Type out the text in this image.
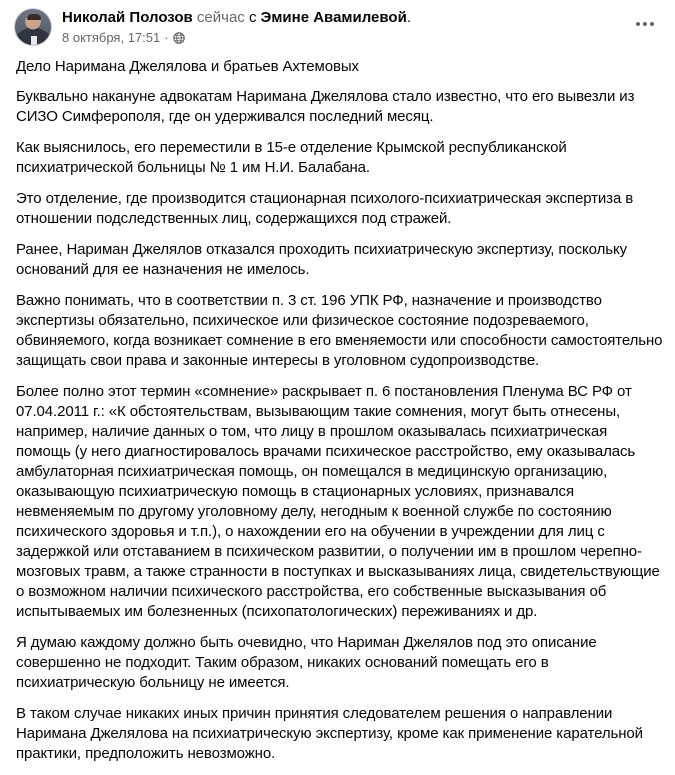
Николай Полозов сейчас с Эмине Авамилевой.
8 октября, 17:51 ·

Дело Наримана Джелялова и братьев Ахтемовых

Буквально накануне адвокатам Наримана Джелялова стало известно, что его вывезли из СИЗО Симферополя, где он удерживался последний месяц.

Как выяснилось, его переместили в 15-е отделение Крымской республиканской психиатрической больницы № 1 им Н.И. Балабана.

Это отделение, где производится стационарная психолого-психиатрическая экспертиза в отношении подследственных лиц, содержащихся под стражей.

Ранее, Нариман Джелялов отказался проходить психиатрическую экспертизу, поскольку оснований для ее назначения не имелось.

Важно понимать, что в соответствии п. 3 ст. 196 УПК РФ, назначение и производство экспертизы обязательно, психическое или физическое состояние подозреваемого, обвиняемого, когда возникает сомнение в его вменяемости или способности самостоятельно защищать свои права и законные интересы в уголовном судопроизводстве.

Более полно этот термин «сомнение» раскрывает п. 6 постановления Пленума ВС РФ от 07.04.2011 г.: «К обстоятельствам, вызывающим такие сомнения, могут быть отнесены, например, наличие данных о том, что лицу в прошлом оказывалась психиатрическая помощь (у него диагностировалось врачами психическое расстройство, ему оказывалась амбулаторная психиатрическая помощь, он помещался в медицинскую организацию, оказывающую психиатрическую помощь в стационарных условиях, признавался невменяемым по другому уголовному делу, негодным к военной службе по состоянию психического здоровья и т.п.), о нахождении его на обучении в учреждении для лиц с задержкой или отставанием в психическом развитии, о получении им в прошлом черепно-мозговых травм, а также странности в поступках и высказываниях лица, свидетельствующие о возможном наличии психического расстройства, его собственные высказывания об испытываемых им болезненных (психопатологических) переживаниях и др.

Я думаю каждому должно быть очевидно, что Нариман Джелялов под это описание совершенно не подходит. Таким образом, никаких оснований помещать его в психиатрическую больницу не имеется.

В таком случае никаких иных причин принятия следователем решения о направлении Наримана Джелялова на психиатрическую экспертизу, кроме как применение карательной практики, предположить невозможно.
